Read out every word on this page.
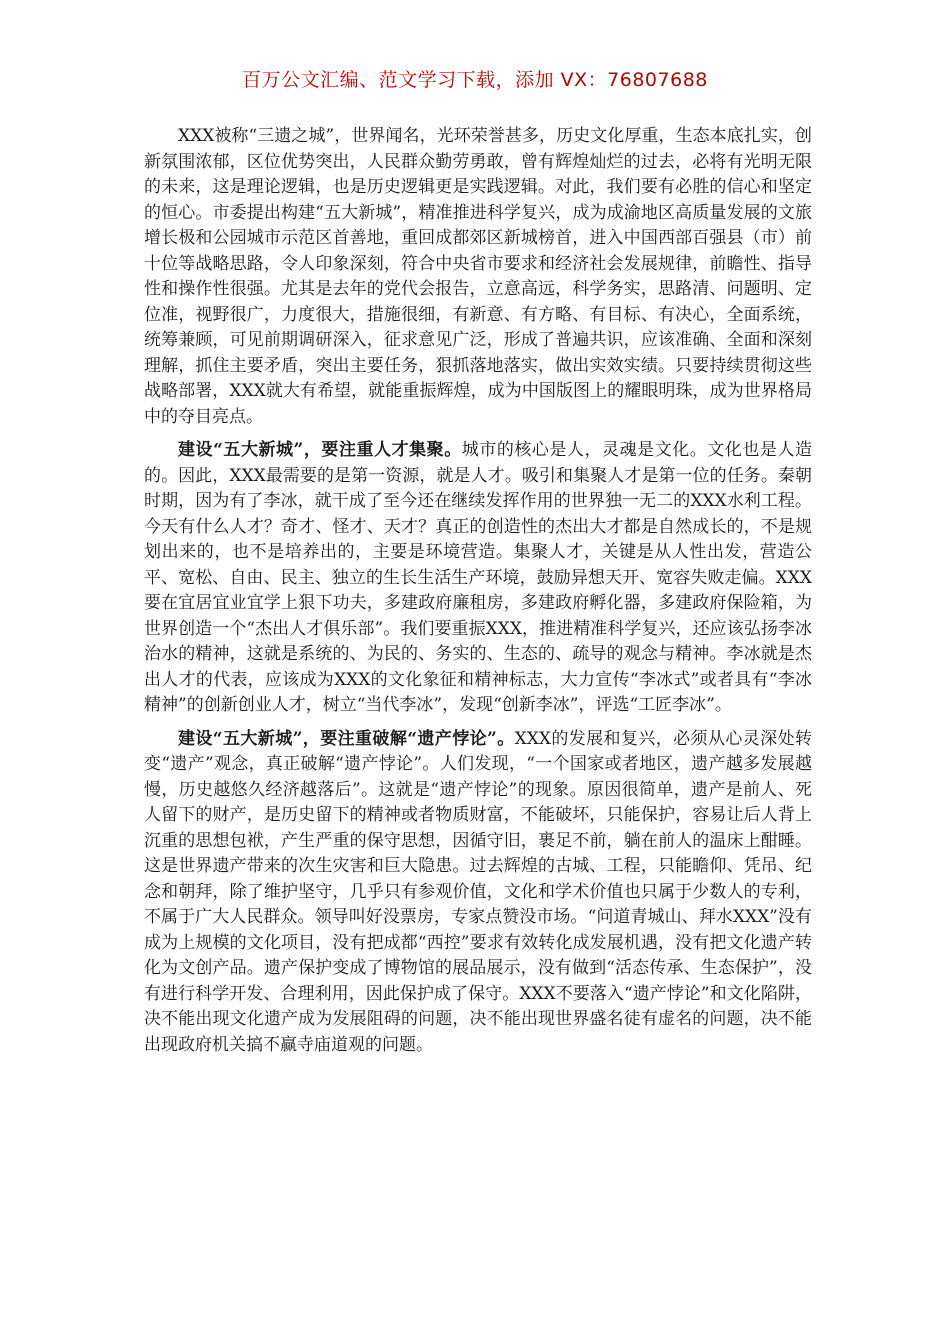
百万公文汇编、范文学习下载，添加 VX：76807688

XXX被称“三遗之城”，世界闻名，光环荣誉甚多，历史文化厚重，生态本底扎实，创新氛围浓郁，区位优势突出，人民群众勤劳勇敢，曾有辉煌灿烂的过去，必将有光明无限的未来，这是理论逻辑，也是历史逻辑更是实践逻辑。对此，我们要有必胜的信心和坚定的恒心。市委提出构建“五大新城”，精准推进科学复兴，成为成渝地区高质量发展的文旅增长极和公园城市示范区首善地，重回成都郊区新城榜首，进入中国西部百强县（市）前十位等战略思路，令人印象深刻，符合中央省市要求和经济社会发展规律，前瞻性、指导性和操作性很强。尤其是去年的党代会报告，立意高远，科学务实，思路清、问题明、定位准，视野很广，力度很大，措施很细，有新意、有方略、有目标、有决心，全面系统，统筹兼顾，可见前期调研深入，征求意见广泛，形成了普遍共识，应该准确、全面和深刻理解，抓住主要矛盾，突出主要任务，狠抓落地落实，做出实效实绩。只要持续贯彻这些战略部署，XXX就大有希望，就能重振辉煌，成为中国版图上的耀眼明珠，成为世界格局中的夺目亮点。

建设“五大新城”，要注重人才集聚。城市的核心是人，灵魂是文化。文化也是人造的。因此，XXX最需要的是第一资源，就是人才。吸引和集聚人才是第一位的任务。秦朝时期，因为有了李冰，就干成了至今还在继续发挥作用的世界独一无二的XXX水利工程。今天有什么人才？奇才、怪才、天才？真正的创造性的杰出大才都是自然成长的，不是规划出来的，也不是培养出的，主要是环境营造。集聚人才，关键是从人性出发，营造公平、宽松、自由、民主、独立的生长生活生产环境，鼓励异想天开、宽容失败走偏。XXX要在宜居宜业宜学上狠下功夫，多建政府廉租房，多建政府孵化器，多建政府保险箱，为世界创造一个“杰出人才俱乐部”。我们要重振XXX，推进精准科学复兴，还应该弘扬李冰治水的精神，这就是系统的、为民的、务实的、生态的、疏导的观念与精神。李冰就是杰出人才的代表，应该成为XXX的文化象征和精神标志，大力宣传“李冰式”或者具有“李冰精神”的创新创业人才，树立“当代李冰”，发现“创新李冰”，评选“工匠李冰”。

建设“五大新城”，要注重破解“遗产悖论”。XXX的发展和复兴，必须从心灵深处转变“遗产”观念，真正破解“遗产悖论”。人们发现，“一个国家或者地区，遗产越多发展越慢，历史越悠久经济越落后”。这就是“遗产悖论”的现象。原因很简单，遗产是前人、死人留下的财产，是历史留下的精神或者物质财富，不能破坏，只能保护，容易让后人背上沉重的思想包袱，产生严重的保守思想，因循守旧，裹足不前，躺在前人的温床上酣睡。这是世界遗产带来的次生灾害和巨大隐患。过去辉煌的古城、工程，只能瞻仰、凭吊、纪念和朝拜，除了维护坚守，几乎只有参观价值，文化和学术价值也只属于少数人的专利，不属于广大人民群众。领导叫好没票房，专家点赞没市场。“问道青城山、拜水XXX”没有成为上规模的文化项目，没有把成都“西控”要求有效转化成发展机遇，没有把文化遗产转化为文创产品。遗产保护变成了博物馆的展品展示，没有做到“活态传承、生态保护”，没有进行科学开发、合理利用，因此保护成了保守。XXX不要落入“遗产悖论”和文化陷阱，决不能出现文化遗产成为发展阻碍的问题，决不能出现世界盛名徒有虚名的问题，决不能出现政府机关搞不赢寺庙道观的问题。
